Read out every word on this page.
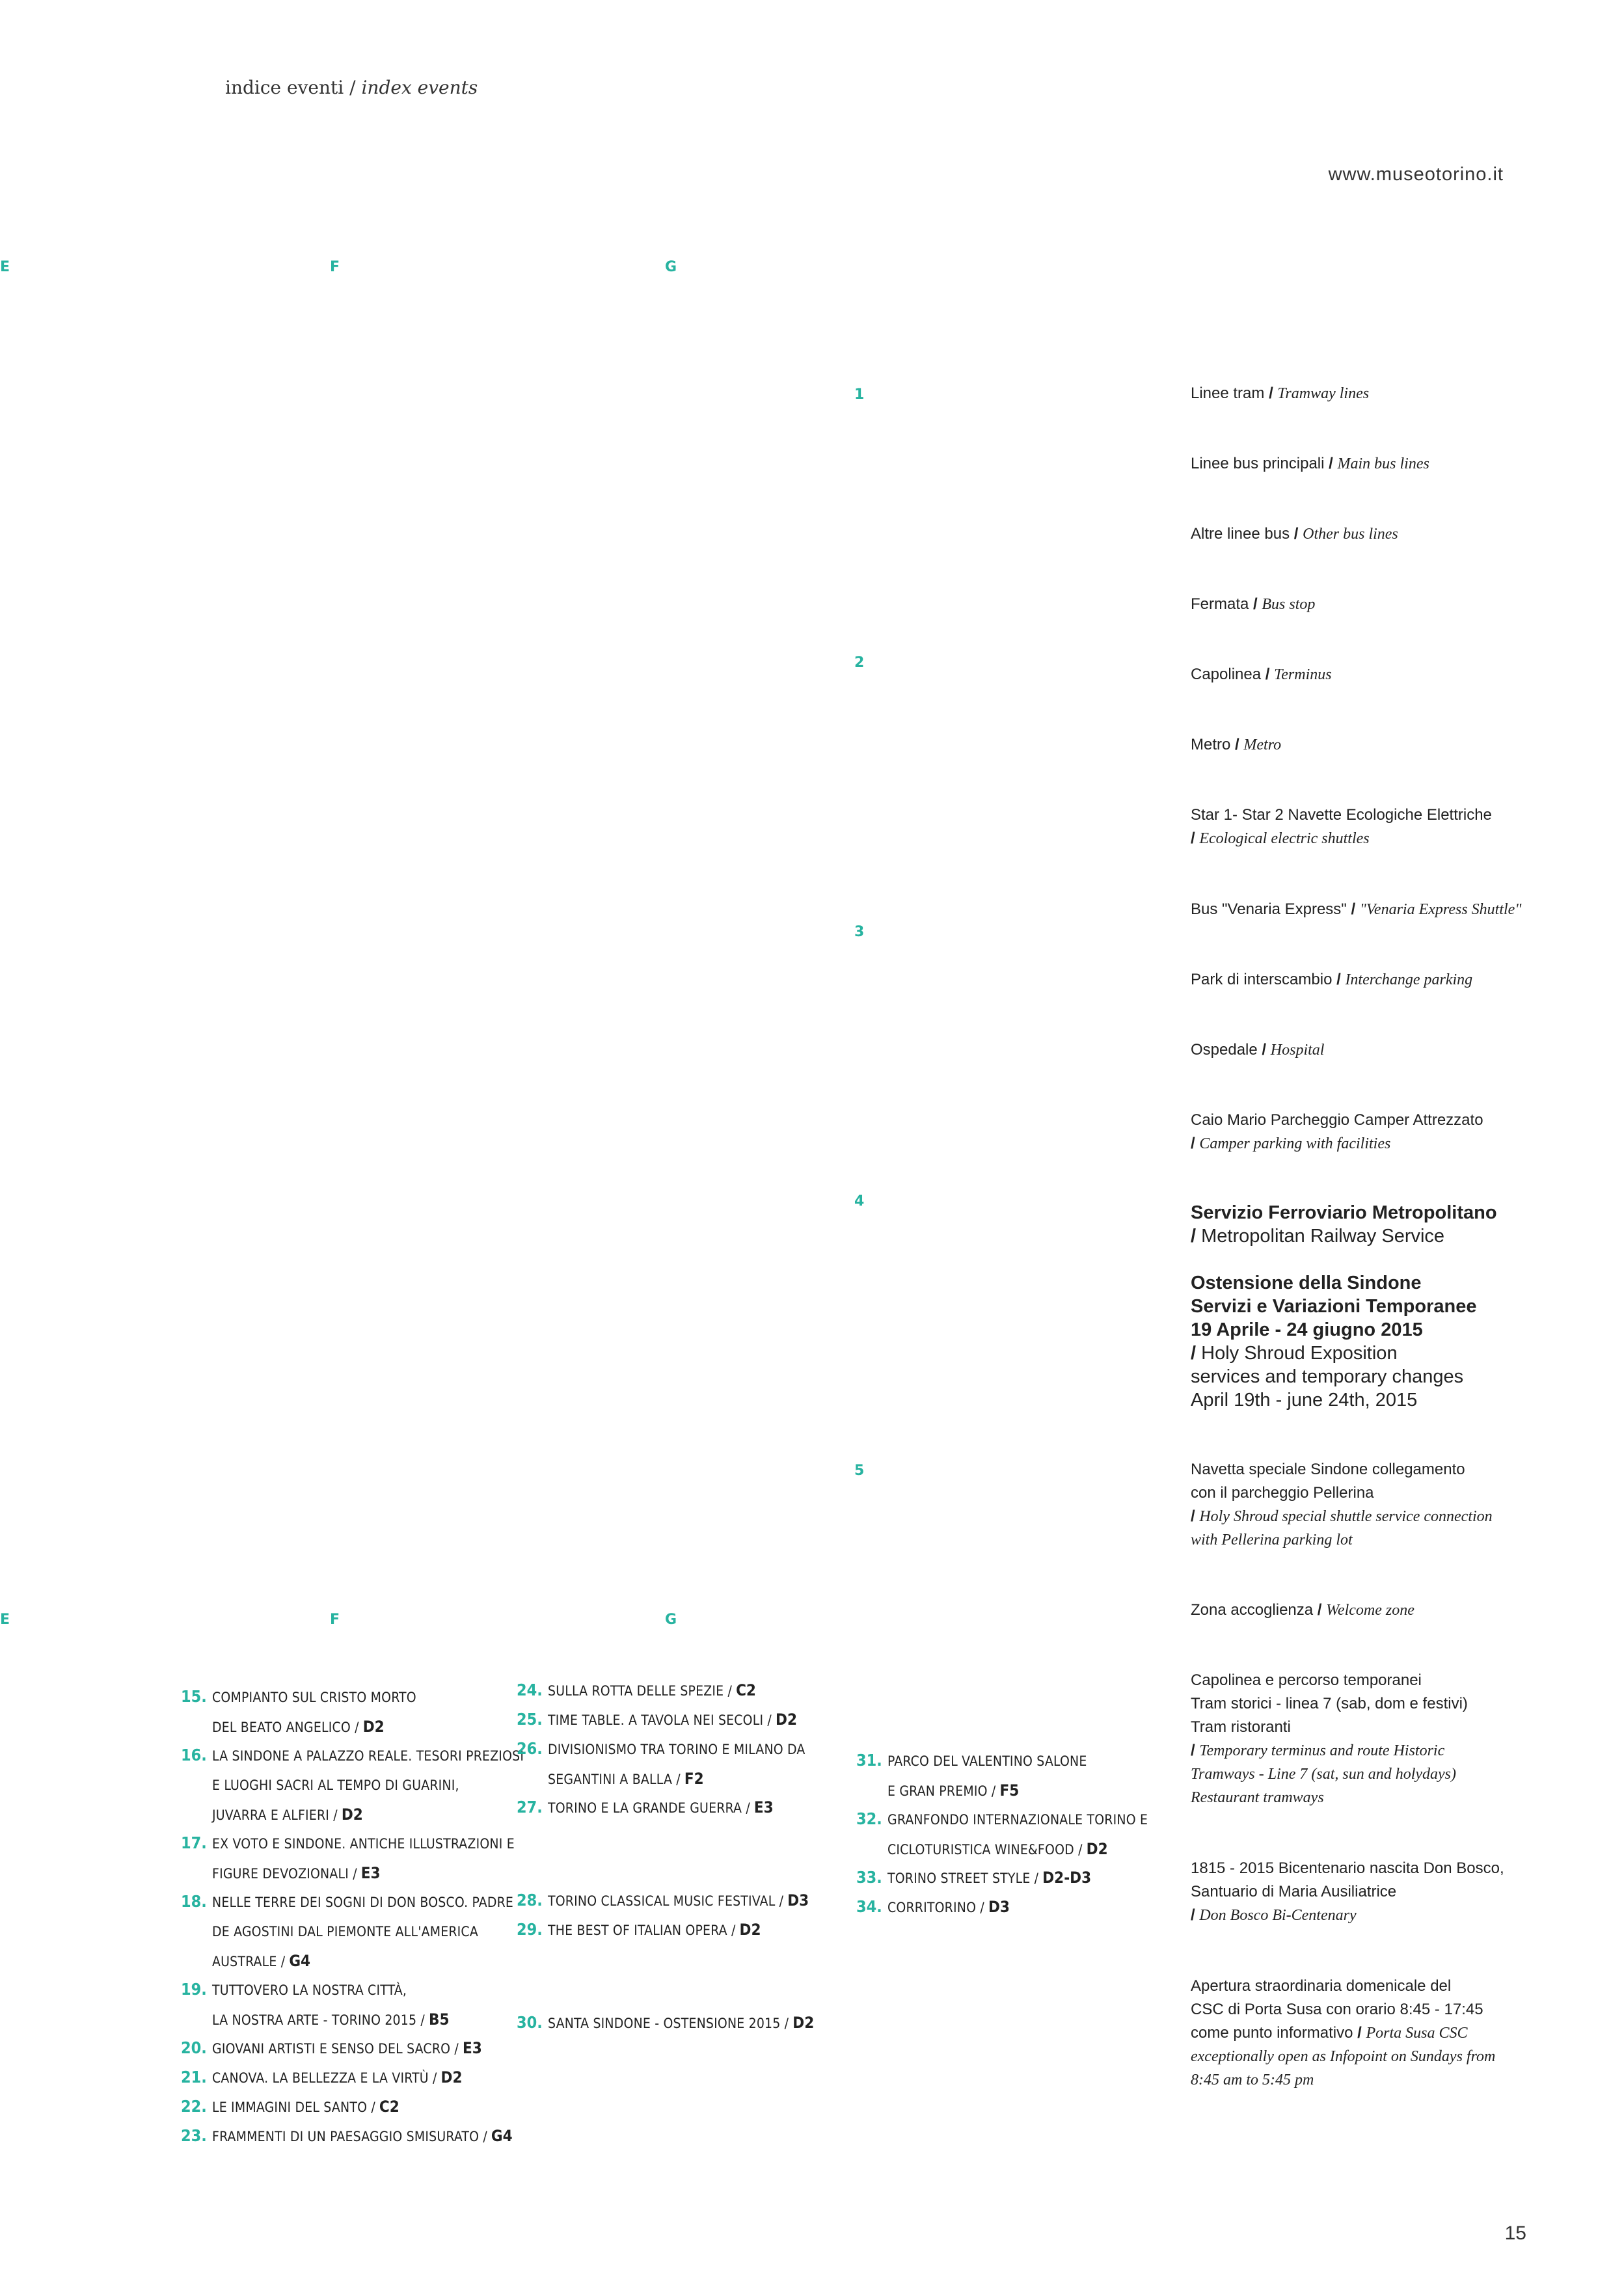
indice eventi / index events
www.museotorino.it
E	F	G
1
2
3
4
5
E	F	G
Linee tram / Tramway lines
Linee bus principali / Main bus lines
Altre linee bus / Other bus lines
Fermata / Bus stop
Capolinea / Terminus
Metro / Metro
Star 1- Star 2 Navette Ecologiche Elettriche
/ Ecological electric shuttles
Bus "Venaria Express" / "Venaria Express Shuttle"
Park di interscambio / Interchange parking
Ospedale / Hospital
Caio Mario Parcheggio Camper Attrezzato
/ Camper parking with facilities
Servizio Ferroviario Metropolitano
/ Metropolitan Railway Service
Ostensione della Sindone
Servizi e Variazioni Temporanee
19 Aprile - 24 giugno 2015
/ Holy Shroud Exposition
services and temporary changes
April 19th - june 24th, 2015
Navetta speciale Sindone collegamento
con il parcheggio Pellerina
/ Holy Shroud special shuttle service connection
with Pellerina parking lot
Zona accoglienza / Welcome zone
Capolinea e percorso temporanei
Tram storici - linea 7 (sab, dom e festivi)
Tram ristoranti
/ Temporary terminus and route Historic
Tramways - Line 7 (sat, sun and holydays)
Restaurant tramways
1815 - 2015 Bicentenario nascita Don Bosco,
Santuario di Maria Ausiliatrice
/ Don Bosco Bi-Centenary
Apertura straordinaria domenicale del
CSC di Porta Susa con orario 8:45 - 17:45
come punto informativo / Porta Susa CSC
exceptionally open as Infopoint on Sundays from
8:45 am to 5:45 pm
15. COMPIANTO SUL CRISTO MORTO
DEL BEATO ANGELICO / D2
16. LA SINDONE A PALAZZO REALE. TESORI PREZIOSI
E LUOGHI SACRI AL TEMPO DI GUARINI,
JUVARRA E ALFIERI / D2
17. EX VOTO E SINDONE. ANTICHE ILLUSTRAZIONI E
FIGURE DEVOZIONALI / E3
18. NELLE TERRE DEI SOGNI DI DON BOSCO. PADRE
DE AGOSTINI DAL PIEMONTE ALL'AMERICA
AUSTRALE / G4
19. TUTTOVERO LA NOSTRA CITTÀ,
LA NOSTRA ARTE - TORINO 2015 / B5
20. GIOVANI ARTISTI E SENSO DEL SACRO / E3
21. CANOVA. LA BELLEZZA E LA VIRTÙ / D2
22. LE IMMAGINI DEL SANTO / C2
23. FRAMMENTI DI UN PAESAGGIO SMISURATO / G4
24. SULLA ROTTA DELLE SPEZIE / C2
25. TIME TABLE. A TAVOLA NEI SECOLI / D2
26. DIVISIONISMO TRA TORINO E MILANO DA
SEGANTINI A BALLA / F2
27. TORINO E LA GRANDE GUERRA / E3
28. TORINO CLASSICAL MUSIC FESTIVAL / D3
29. THE BEST OF ITALIAN OPERA / D2
30. SANTA SINDONE - OSTENSIONE 2015 / D2
31. PARCO DEL VALENTINO SALONE
E GRAN PREMIO / F5
32. GRANFONDO INTERNAZIONALE TORINO E
CICLOTURISTICA WINE&FOOD / D2
33. TORINO STREET STYLE / D2-D3
34. CORRITORINO / D3
15
